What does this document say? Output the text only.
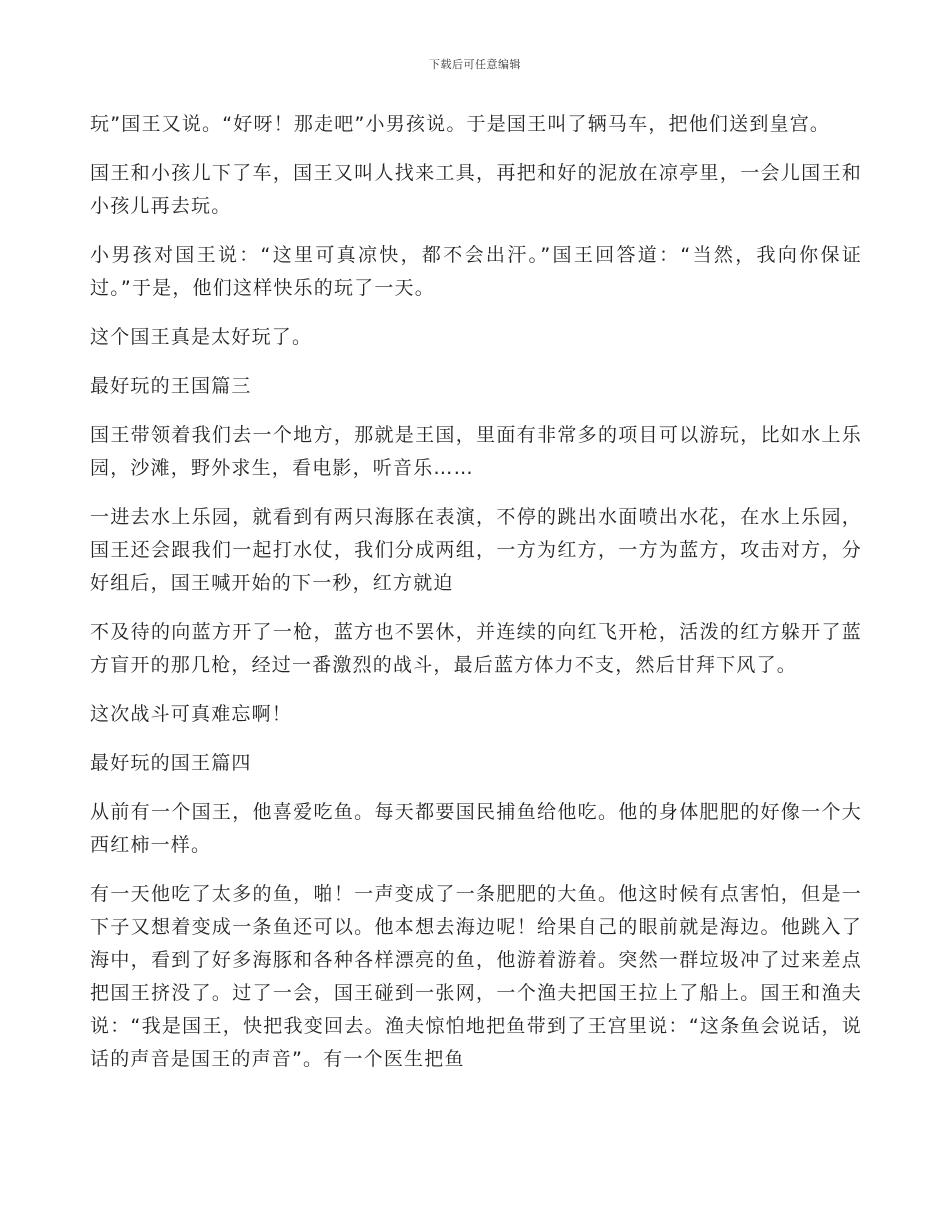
下载后可任意编辑

玩”国王又说。“好呀！那走吧”小男孩说。于是国王叫了辆马车，把他们送到皇宫。

国王和小孩儿下了车，国王又叫人找来工具，再把和好的泥放在凉亭里，一会儿国王和小孩儿再去玩。

小男孩对国王说：“这里可真凉快，都不会出汗。”国王回答道：“当然，我向你保证过。”于是，他们这样快乐的玩了一天。

这个国王真是太好玩了。

最好玩的王国篇三

国王带领着我们去一个地方，那就是王国，里面有非常多的项目可以游玩，比如水上乐园，沙滩，野外求生，看电影，听音乐……

一进去水上乐园，就看到有两只海豚在表演，不停的跳出水面喷出水花，在水上乐园，国王还会跟我们一起打水仗，我们分成两组，一方为红方，一方为蓝方，攻击对方，分好组后，国王喊开始的下一秒，红方就迫

不及待的向蓝方开了一枪，蓝方也不罢休，并连续的向红飞开枪，活泼的红方躲开了蓝方盲开的那几枪，经过一番激烈的战斗，最后蓝方体力不支，然后甘拜下风了。

这次战斗可真难忘啊！

最好玩的国王篇四

从前有一个国王，他喜爱吃鱼。每天都要国民捕鱼给他吃。他的身体肥肥的好像一个大西红柿一样。

有一天他吃了太多的鱼，啪！一声变成了一条肥肥的大鱼。他这时候有点害怕，但是一下子又想着变成一条鱼还可以。他本想去海边呢！给果自己的眼前就是海边。他跳入了海中，看到了好多海豚和各种各样漂亮的鱼，他游着游着。突然一群垃圾冲了过来差点把国王挤没了。过了一会，国王碰到一张网，一个渔夫把国王拉上了船上。国王和渔夫说：“我是国王，快把我变回去。渔夫惊怕地把鱼带到了王宫里说：“这条鱼会说话，说话的声音是国王的声音”。有一个医生把鱼
